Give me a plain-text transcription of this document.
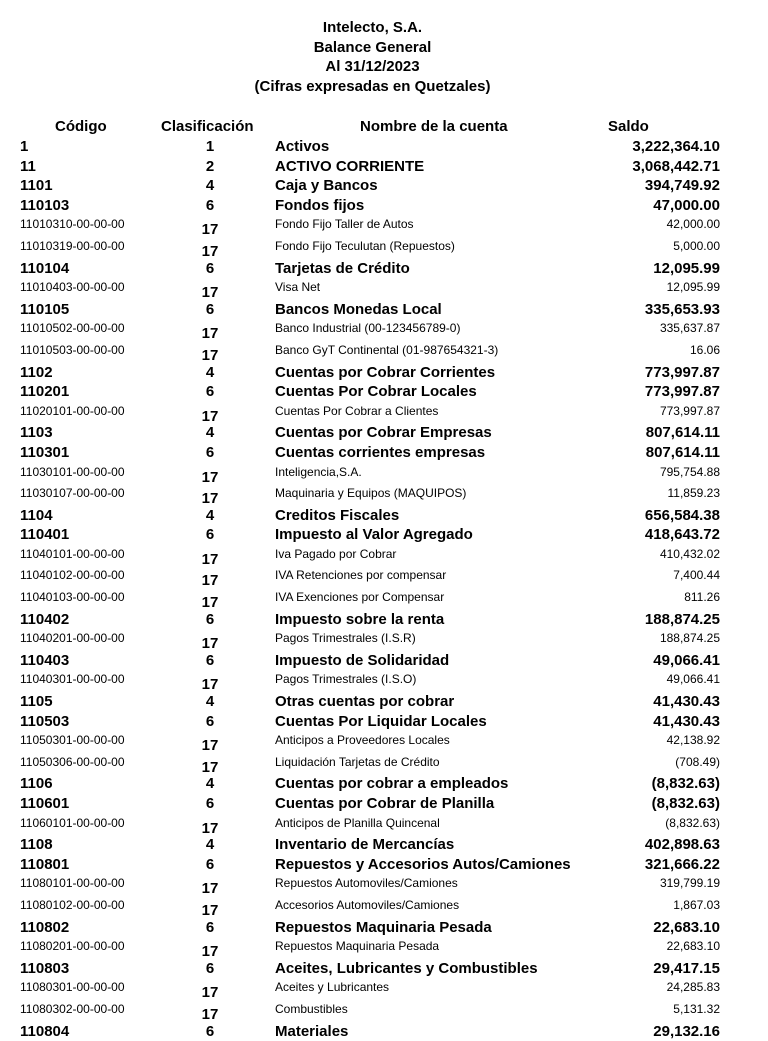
Intelecto, S.A.
Balance General
Al 31/12/2023
(Cifras expresadas en Quetzales)
Código	Clasificación	Nombre de la cuenta	Saldo
1	1	Activos	3,222,364.10
11	2	ACTIVO CORRIENTE	3,068,442.71
1101	4	Caja y Bancos	394,749.92
110103	6	Fondos fijos	47,000.00
11010310-00-00-00	17	Fondo Fijo Taller de Autos	42,000.00
11010319-00-00-00	17	Fondo Fijo Teculutan (Repuestos)	5,000.00
110104	6	Tarjetas de Crédito	12,095.99
11010403-00-00-00	17	Visa Net	12,095.99
110105	6	Bancos Monedas Local	335,653.93
11010502-00-00-00	17	Banco Industrial (00-123456789-0)	335,637.87
11010503-00-00-00	17	Banco GyT Continental (01-987654321-3)	16.06
1102	4	Cuentas por Cobrar Corrientes	773,997.87
110201	6	Cuentas Por Cobrar Locales	773,997.87
11020101-00-00-00	17	Cuentas Por Cobrar a Clientes	773,997.87
1103	4	Cuentas por Cobrar Empresas	807,614.11
110301	6	Cuentas corrientes empresas	807,614.11
11030101-00-00-00	17	Inteligencia,S.A.	795,754.88
11030107-00-00-00	17	Maquinaria y Equipos (MAQUIPOS)	11,859.23
1104	4	Creditos Fiscales	656,584.38
110401	6	Impuesto al Valor Agregado	418,643.72
11040101-00-00-00	17	Iva Pagado por Cobrar	410,432.02
11040102-00-00-00	17	IVA Retenciones por compensar	7,400.44
11040103-00-00-00	17	IVA Exenciones por Compensar	811.26
110402	6	Impuesto sobre la renta	188,874.25
11040201-00-00-00	17	Pagos Trimestrales (I.S.R)	188,874.25
110403	6	Impuesto de Solidaridad	49,066.41
11040301-00-00-00	17	Pagos Trimestrales (I.S.O)	49,066.41
1105	4	Otras cuentas por cobrar	41,430.43
110503	6	Cuentas Por Liquidar Locales	41,430.43
11050301-00-00-00	17	Anticipos a Proveedores Locales	42,138.92
11050306-00-00-00	17	Liquidación Tarjetas de Crédito	(708.49)
1106	4	Cuentas por cobrar a empleados	(8,832.63)
110601	6	Cuentas por Cobrar de Planilla	(8,832.63)
11060101-00-00-00	17	Anticipos de Planilla Quincenal	(8,832.63)
1108	4	Inventario de Mercancías	402,898.63
110801	6	Repuestos y Accesorios Autos/Camiones	321,666.22
11080101-00-00-00	17	Repuestos Automoviles/Camiones	319,799.19
11080102-00-00-00	17	Accesorios Automoviles/Camiones	1,867.03
110802	6	Repuestos Maquinaria Pesada	22,683.10
11080201-00-00-00	17	Repuestos Maquinaria Pesada	22,683.10
110803	6	Aceites, Lubricantes y Combustibles	29,417.15
11080301-00-00-00	17	Aceites y Lubricantes	24,285.83
11080302-00-00-00	17	Combustibles	5,131.32
110804	6	Materiales	29,132.16
